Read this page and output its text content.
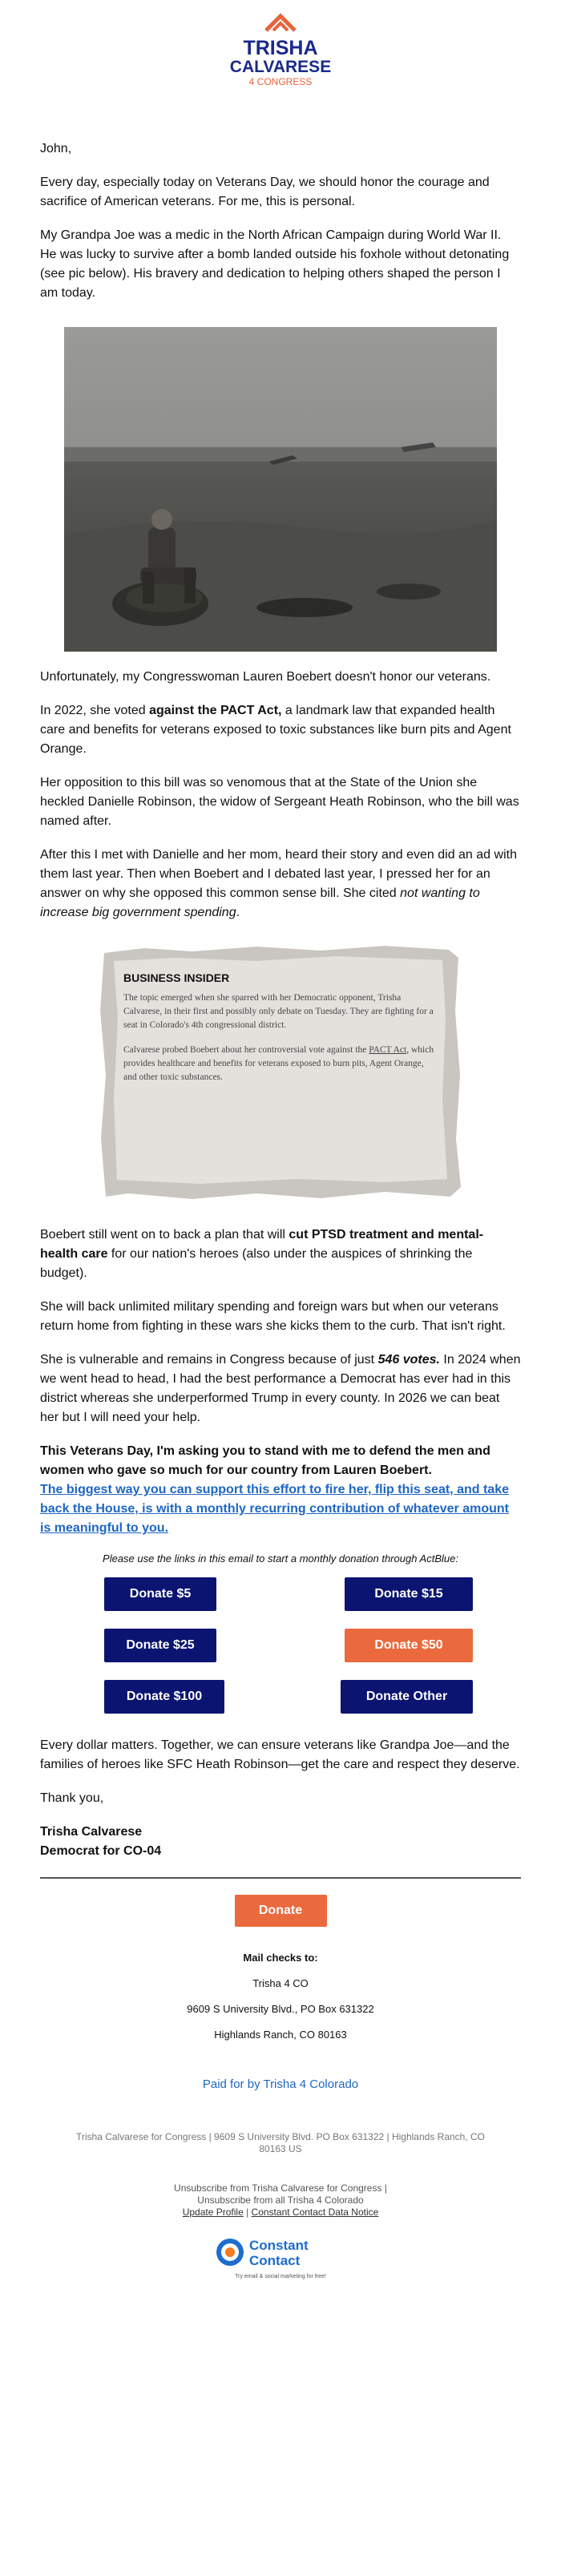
TRISHA
CALVARESE
4 CONGRESS

John,

Every day, especially today on Veterans Day, we should honor the courage and sacrifice of American veterans. For me, this is personal.

My Grandpa Joe was a medic in the North African Campaign during World War II. He was lucky to survive after a bomb landed outside his foxhole without detonating (see pic below). His bravery and dedication to helping others shaped the person I am today.

Unfortunately, my Congresswoman Lauren Boebert doesn't honor our veterans.

In 2022, she voted against the PACT Act, a landmark law that expanded health care and benefits for veterans exposed to toxic substances like burn pits and Agent Orange.

Her opposition to this bill was so venomous that at the State of the Union she heckled Danielle Robinson, the widow of Sergeant Heath Robinson, who the bill was named after.

After this I met with Danielle and her mom, heard their story and even did an ad with them last year. Then when Boebert and I debated last year, I pressed her for an answer on why she opposed this common sense bill. She cited not wanting to increase big government spending.

BUSINESS INSIDER
The topic emerged when she sparred with her Democratic opponent, Trisha Calvarese, in their first and possibly only debate on Tuesday. They are fighting for a seat in Colorado's 4th congressional district.
Calvarese probed Boebert about her controversial vote against the PACT Act, which provides healthcare and benefits for veterans exposed to burn pits, Agent Orange, and other toxic substances.

Boebert still went on to back a plan that will cut PTSD treatment and mental-health care for our nation's heroes (also under the auspices of shrinking the budget).

She will back unlimited military spending and foreign wars but when our veterans return home from fighting in these wars she kicks them to the curb. That isn't right.

She is vulnerable and remains in Congress because of just 546 votes. In 2024 when we went head to head, I had the best performance a Democrat has ever had in this district whereas she underperformed Trump in every county. In 2026 we can beat her but I will need your help.

This Veterans Day, I'm asking you to stand with me to defend the men and women who gave so much for our country from Lauren Boebert.
The biggest way you can support this effort to fire her, flip this seat, and take back the House, is with a monthly recurring contribution of whatever amount is meaningful to you.

Please use the links in this email to start a monthly donation through ActBlue:

Donate $5	Donate $15
Donate $25	Donate $50
Donate $100	Donate Other

Every dollar matters. Together, we can ensure veterans like Grandpa Joe—and the families of heroes like SFC Heath Robinson—get the care and respect they deserve.

Thank you,

Trisha Calvarese

Democrat for CO-04

Donate
Mail checks to:
Trisha 4 CO
9609 S University Blvd., PO Box 631322
Highlands Ranch, CO 80163
Paid for by Trisha 4 Colorado
Trisha Calvarese for Congress | 9609 S University Blvd. PO Box 631322 | Highlands Ranch, CO
80163 US
Unsubscribe from Trisha Calvarese for Congress |
Unsubscribe from all Trisha 4 Colorado
Update Profile | Constant Contact Data Notice
Constant
Contact
Try email & social marketing for free!
